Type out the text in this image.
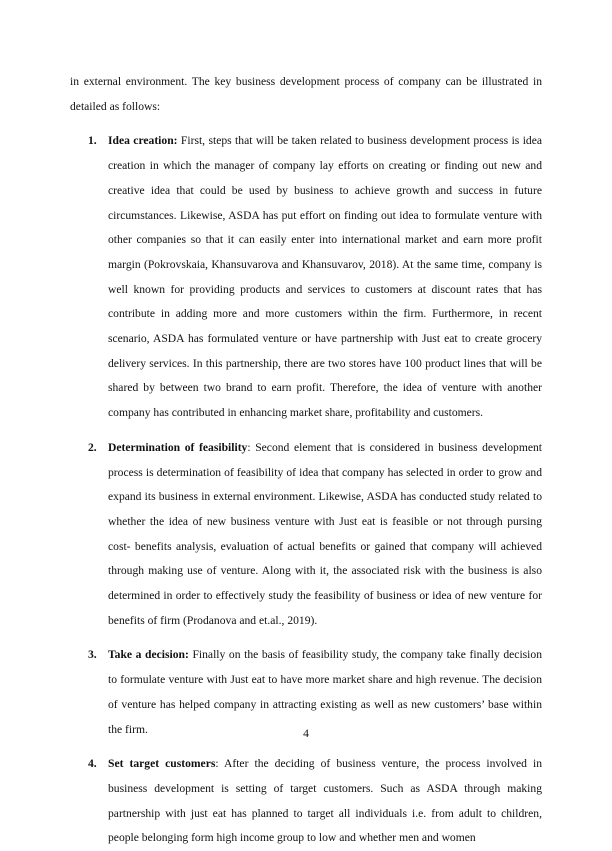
in external environment. The key business development process of company can be illustrated in detailed as follows:

Idea creation: First, steps that will be taken related to business development process is idea creation in which the manager of company lay efforts on creating or finding out new and creative idea that could be used by business to achieve growth and success in future circumstances. Likewise, ASDA has put effort on finding out idea to formulate venture with other companies so that it can easily enter into international market and earn more profit margin (Pokrovskaia, Khansuvarova and Khansuvarov, 2018). At the same time, company is well known for providing products and services to customers at discount rates that has contribute in adding more and more customers within the firm. Furthermore, in recent scenario, ASDA has formulated venture or have partnership with Just eat to create grocery delivery services. In this partnership, there are two stores have 100 product lines that will be shared by between two brand to earn profit. Therefore, the idea of venture with another company has contributed in enhancing market share, profitability and customers.
Determination of feasibility: Second element that is considered in business development process is determination of feasibility of idea that company has selected in order to grow and expand its business in external environment. Likewise, ASDA has conducted study related to whether the idea of new business venture with Just eat is feasible or not through pursing cost- benefits analysis, evaluation of actual benefits or gained that company will achieved through making use of venture. Along with it, the associated risk with the business is also determined in order to effectively study the feasibility of business or idea of new venture for benefits of firm (Prodanova and et.al., 2019).
Take a decision: Finally on the basis of feasibility study, the company take finally decision to formulate venture with Just eat to have more market share and high revenue. The decision of venture has helped company in attracting existing as well as new customers’ base within the firm.
Set target customers: After the deciding of business venture, the process involved in business development is setting of target customers. Such as ASDA through making partnership with just eat has planned to target all individuals i.e. from adult to children, people belonging form high income group to low and whether men and women
4
